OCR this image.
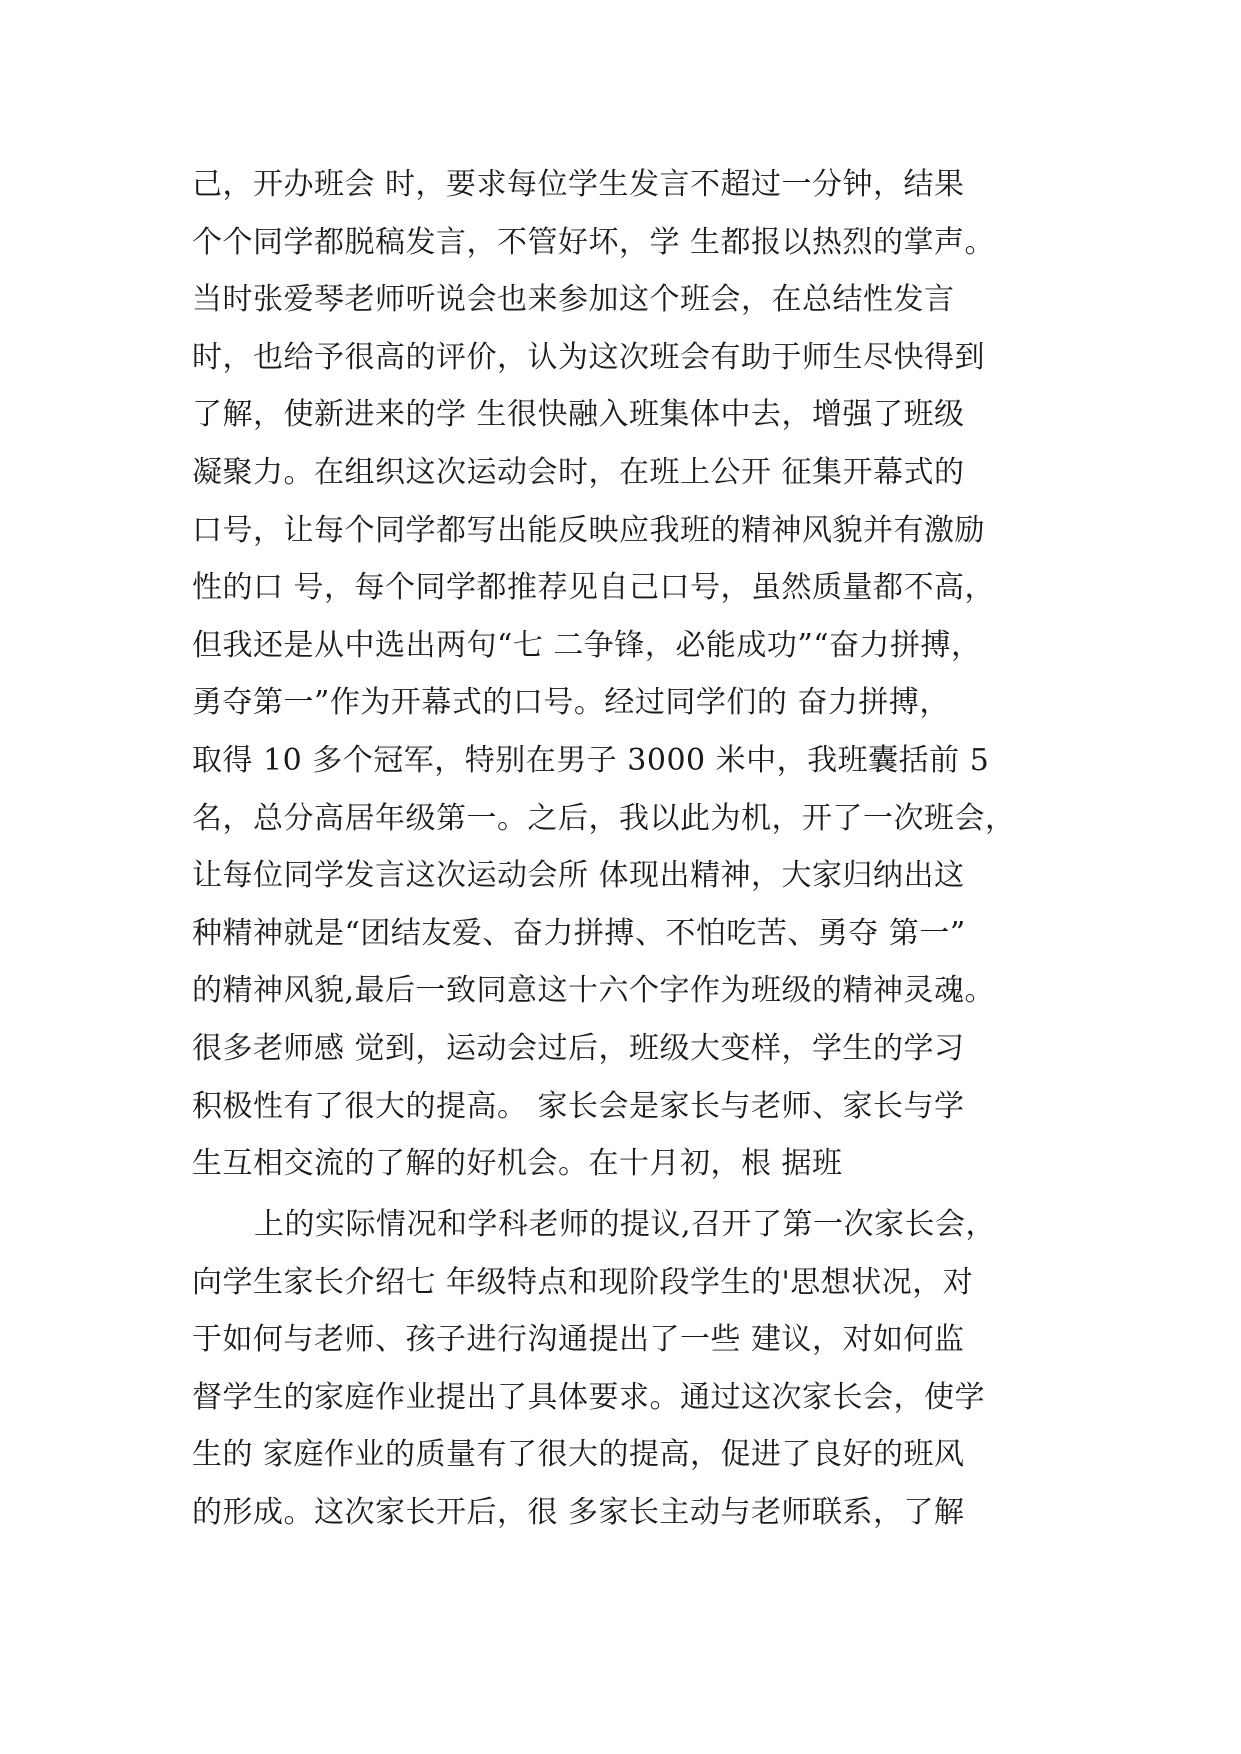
己，开办班会 时，要求每位学生发言不超过一分钟，结果
个个同学都脱稿发言，不管好坏，学 生都报以热烈的掌声。
当时张爱琴老师听说会也来参加这个班会，在总结性发言
时，也给予很高的评价，认为这次班会有助于师生尽快得到
了解，使新进来的学 生很快融入班集体中去，增强了班级
凝聚力。在组织这次运动会时，在班上公开 征集开幕式的
口号，让每个同学都写出能反映应我班的精神风貌并有激励
性的口 号，每个同学都推荐见自己口号，虽然质量都不高，
但我还是从中选出两句“七 二争锋，必能成功”“奋力拼搏，
勇夺第一”作为开幕式的口号。经过同学们的 奋力拼搏，
取得 10 多个冠军，特别在男子 3000 米中，我班囊括前 5
名，总分高居年级第一。之后，我以此为机，开了一次班会，
让每位同学发言这次运动会所 体现出精神，大家归纳出这
种精神就是“团结友爱、奋力拼搏、不怕吃苦、勇夺 第一”
的精神风貌,最后一致同意这十六个字作为班级的精神灵魂。
很多老师感 觉到，运动会过后，班级大变样，学生的学习
积极性有了很大的提高。 家长会是家长与老师、家长与学
生互相交流的了解的好机会。在十月初，根 据班
上的实际情况和学科老师的提议,召开了第一次家长会，
向学生家长介绍七 年级特点和现阶段学生的'思想状况，对
于如何与老师、孩子进行沟通提出了一些 建议，对如何监
督学生的家庭作业提出了具体要求。通过这次家长会，使学
生的 家庭作业的质量有了很大的提高，促进了良好的班风
的形成。这次家长开后，很 多家长主动与老师联系，了解
